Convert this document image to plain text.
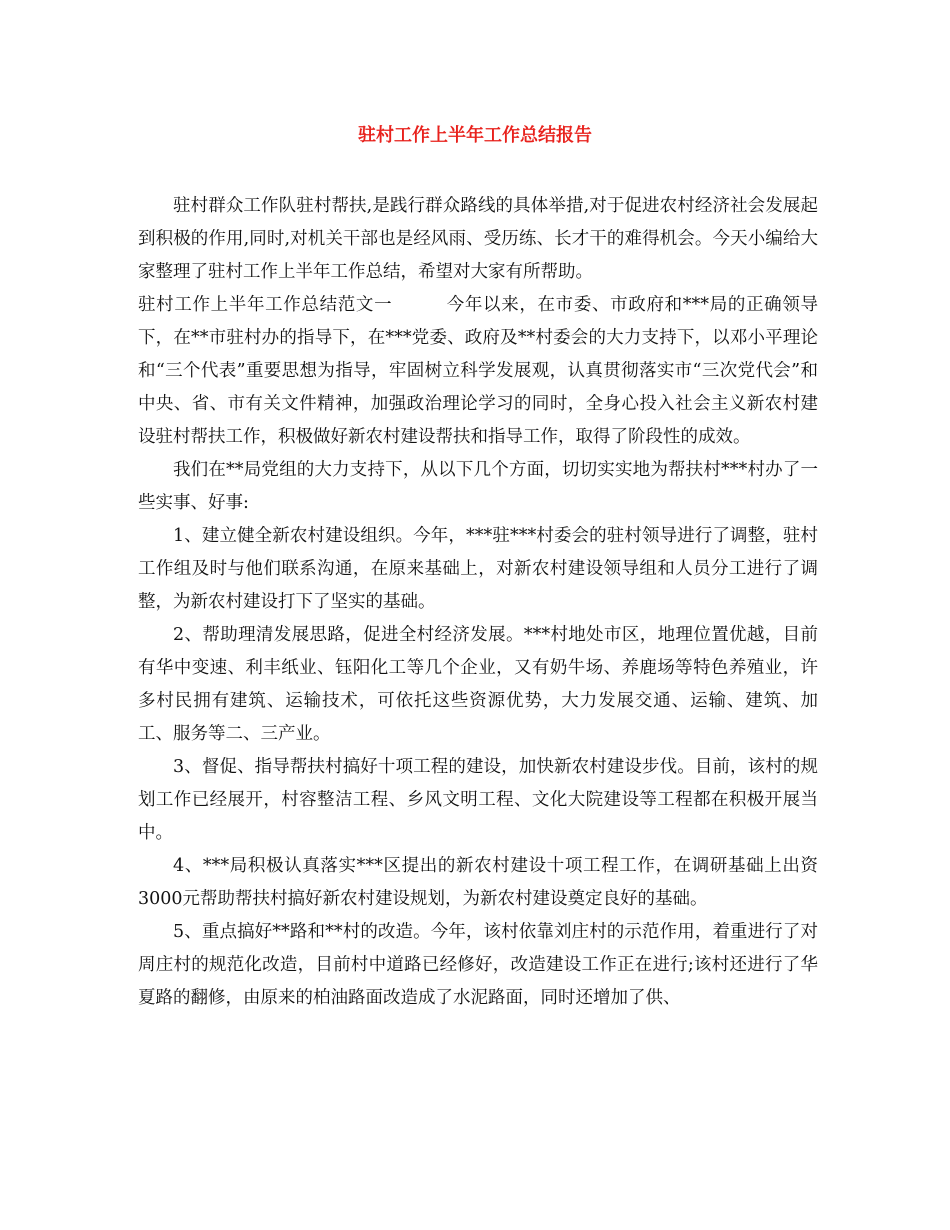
驻村工作上半年工作总结报告

驻村群众工作队驻村帮扶,是践行群众路线的具体举措,对于促进农村经济社会发展起到积极的作用,同时,对机关干部也是经风雨、受历练、长才干的难得机会。今天小编给大家整理了驻村工作上半年工作总结，希望对大家有所帮助。

驻村工作上半年工作总结范文一　　　今年以来，在市委、市政府和***局的正确领导下，在**市驻村办的指导下，在***党委、政府及**村委会的大力支持下，以邓小平理论和“三个代表”重要思想为指导，牢固树立科学发展观，认真贯彻落实市“三次党代会”和中央、省、市有关文件精神，加强政治理论学习的同时，全身心投入社会主义新农村建设驻村帮扶工作，积极做好新农村建设帮扶和指导工作，取得了阶段性的成效。

我们在**局党组的大力支持下，从以下几个方面，切切实实地为帮扶村***村办了一些实事、好事:

1、建立健全新农村建设组织。今年，***驻***村委会的驻村领导进行了调整，驻村工作组及时与他们联系沟通，在原来基础上，对新农村建设领导组和人员分工进行了调整，为新农村建设打下了坚实的基础。

2、帮助理清发展思路，促进全村经济发展。***村地处市区，地理位置优越，目前有华中变速、利丰纸业、钰阳化工等几个企业，又有奶牛场、养鹿场等特色养殖业，许多村民拥有建筑、运输技术，可依托这些资源优势，大力发展交通、运输、建筑、加工、服务等二、三产业。

3、督促、指导帮扶村搞好十项工程的建设，加快新农村建设步伐。目前，该村的规划工作已经展开，村容整洁工程、乡风文明工程、文化大院建设等工程都在积极开展当中。

4、***局积极认真落实***区提出的新农村建设十项工程工作，在调研基础上出资3000元帮助帮扶村搞好新农村建设规划，为新农村建设奠定良好的基础。

5、重点搞好**路和**村的改造。今年，该村依靠刘庄村的示范作用，着重进行了对周庄村的规范化改造，目前村中道路已经修好，改造建设工作正在进行;该村还进行了华夏路的翻修，由原来的柏油路面改造成了水泥路面，同时还增加了供、
